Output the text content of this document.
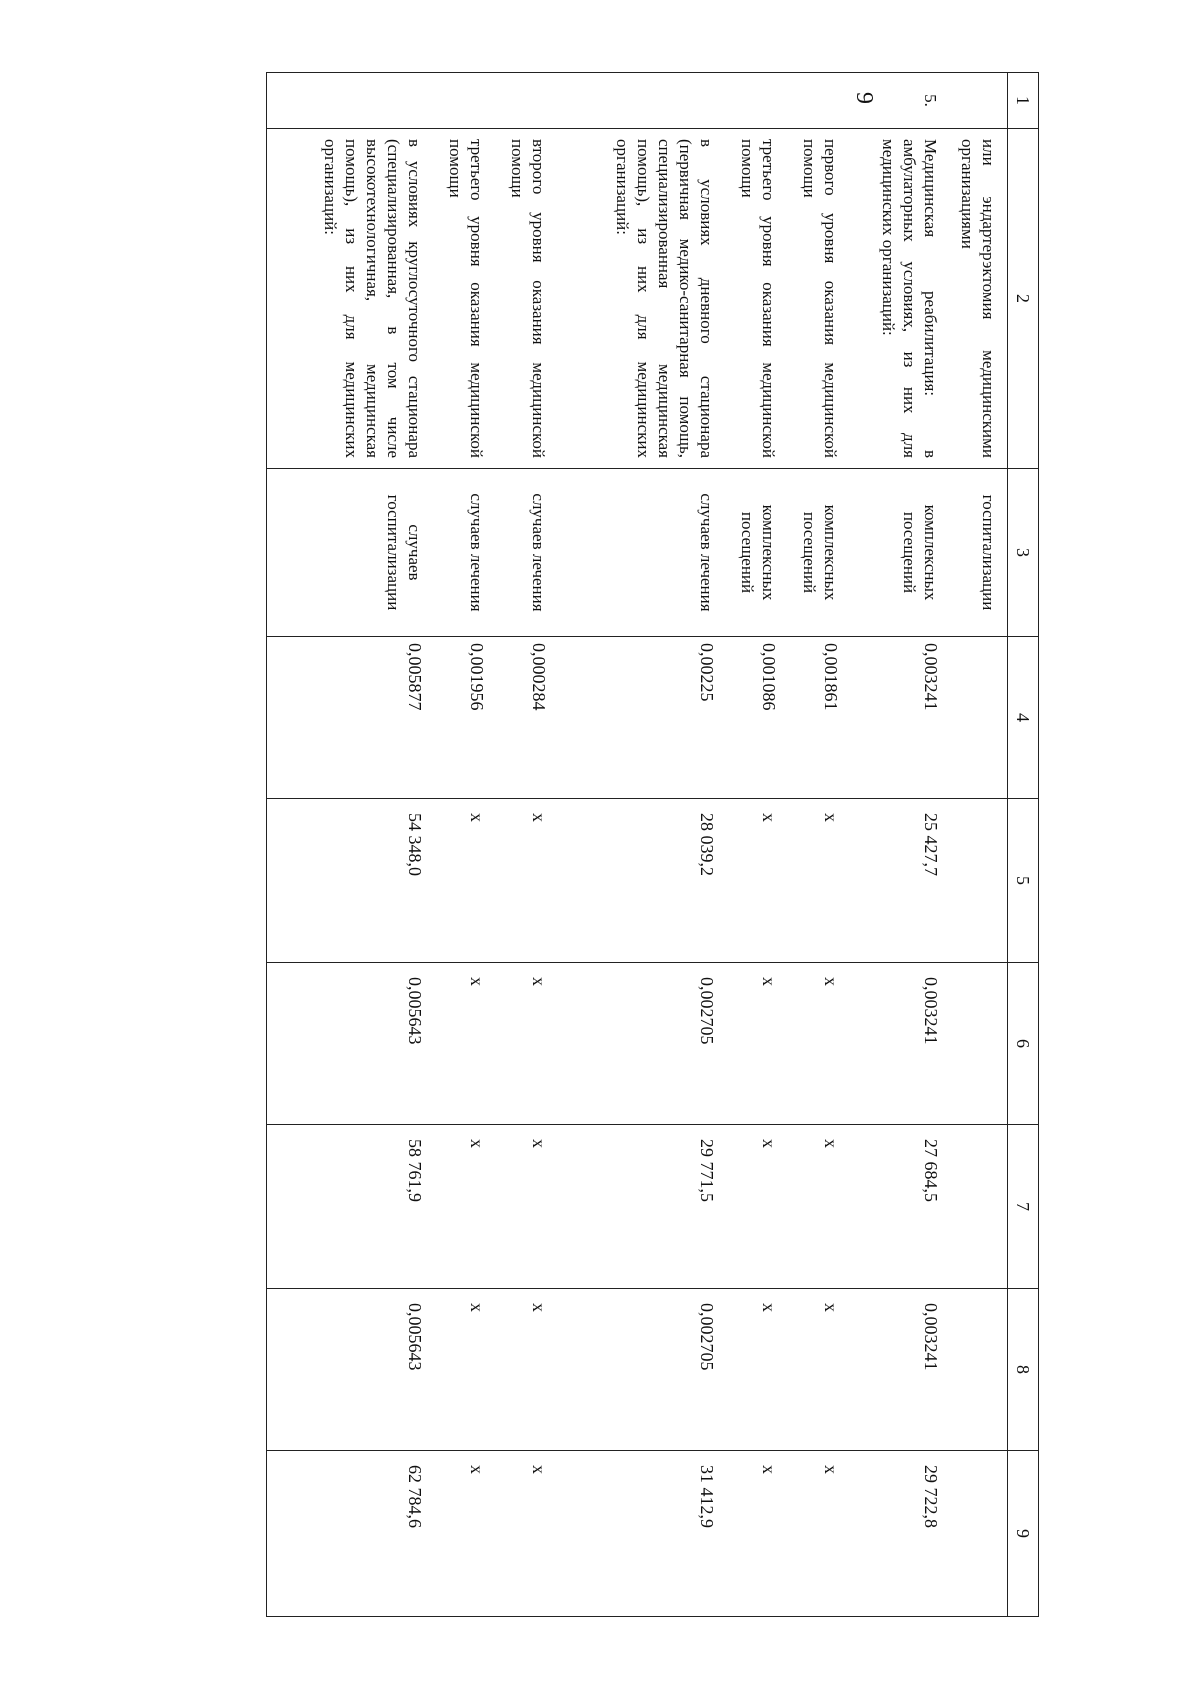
9	1	2	3	4	5	6	7	8	9
	или эндартерэктомия медицинскими организациями	госпитализации						
5.	Медицинская реабилитация: в амбулаторных условиях, из них для медицинских организаций:	комплексных посещений	0,003241	25 427,7	0,003241	27 684,5	0,003241	29 722,8
	первого уровня оказания медицинской помощи	комплексных посещений	0,001861	х	х	х	х	х
	третьего уровня оказания медицинской помощи	комплексных посещений	0,001086	х	х	х	х	х
	в условиях дневного стационара (первичная медико-санитарная помощь, специализированная медицинская помощь), из них для медицинских организаций:	случаев лечения	0,00225	28 039,2	0,002705	29 771,5	0,002705	31 412,9
	второго уровня оказания медицинской помощи	случаев лечения	0,000284	х	х	х	х	х
	третьего уровня оказания медицинской помощи	случаев лечения	0,001956	х	х	х	х	х
	в условиях круглосуточного стационара (специализированная, в том числе высокотехнологичная, медицинская помощь), из них для медицинских организаций:	случаев госпитализации	0,005877	54 348,0	0,005643	58 761,9	0,005643	62 784,6
